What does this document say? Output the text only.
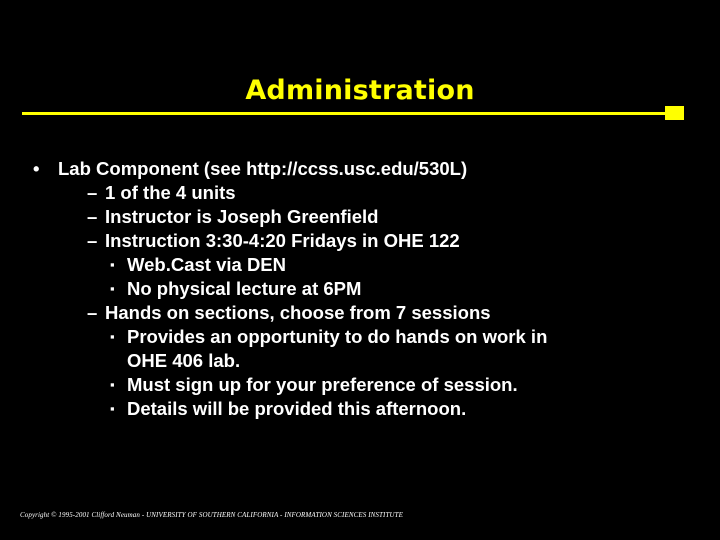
Administration
• Lab Component (see http://ccss.usc.edu/530L)
– 1 of the 4 units
– Instructor is Joseph Greenfield
– Instruction 3:30-4:20 Fridays in OHE 122
▪ Web.Cast via DEN
▪ No physical lecture at 6PM
– Hands on sections, choose from 7 sessions
▪ Provides an opportunity to do hands on work in
OHE 406 lab.
▪ Must sign up for your preference of session.
▪ Details will be provided this afternoon.
Copyright © 1995-2001 Clifford Neuman - UNIVERSITY OF SOUTHERN CALIFORNIA - INFORMATION SCIENCES INSTITUTE
